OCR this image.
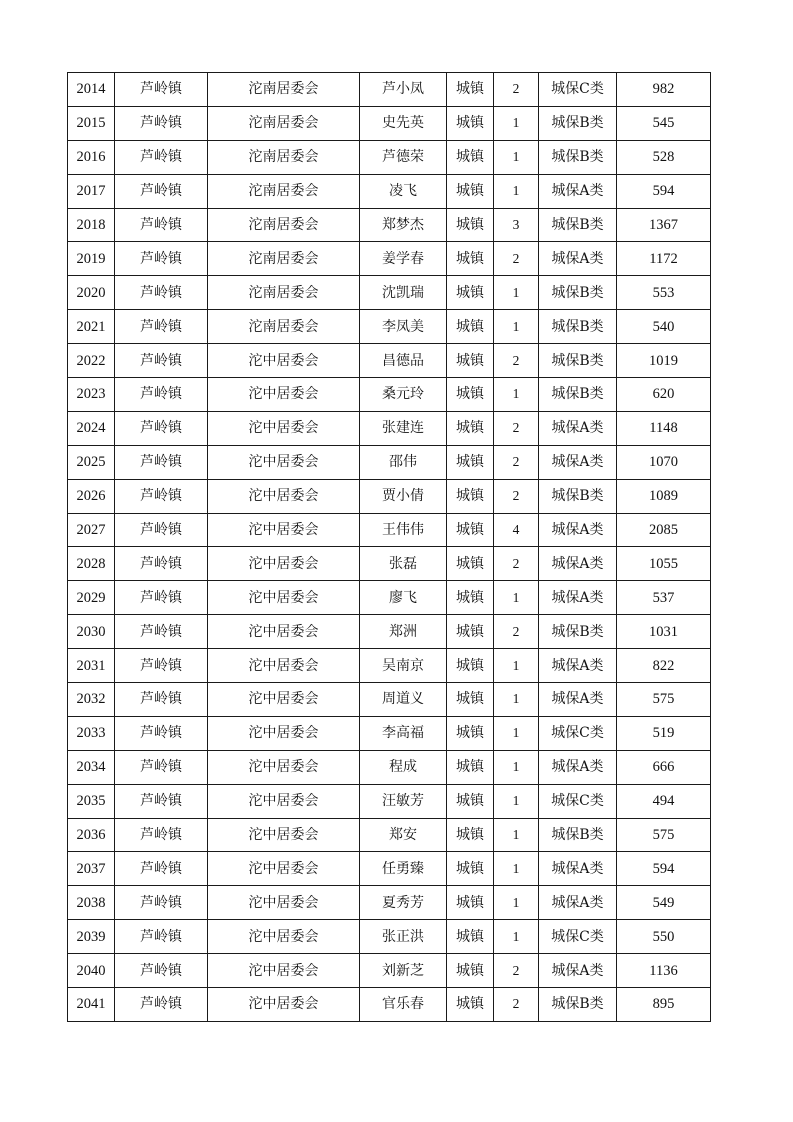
2014	芦岭镇	沱南居委会	芦小凤	城镇	2	城保C类	982
2015	芦岭镇	沱南居委会	史先英	城镇	1	城保B类	545
2016	芦岭镇	沱南居委会	芦德荣	城镇	1	城保B类	528
2017	芦岭镇	沱南居委会	凌飞	城镇	1	城保A类	594
2018	芦岭镇	沱南居委会	郑梦杰	城镇	3	城保B类	1367
2019	芦岭镇	沱南居委会	姜学春	城镇	2	城保A类	1172
2020	芦岭镇	沱南居委会	沈凯瑞	城镇	1	城保B类	553
2021	芦岭镇	沱南居委会	李凤美	城镇	1	城保B类	540
2022	芦岭镇	沱中居委会	昌德品	城镇	2	城保B类	1019
2023	芦岭镇	沱中居委会	桑元玲	城镇	1	城保B类	620
2024	芦岭镇	沱中居委会	张建连	城镇	2	城保A类	1148
2025	芦岭镇	沱中居委会	邵伟	城镇	2	城保A类	1070
2026	芦岭镇	沱中居委会	贾小倩	城镇	2	城保B类	1089
2027	芦岭镇	沱中居委会	王伟伟	城镇	4	城保A类	2085
2028	芦岭镇	沱中居委会	张磊	城镇	2	城保A类	1055
2029	芦岭镇	沱中居委会	廖飞	城镇	1	城保A类	537
2030	芦岭镇	沱中居委会	郑洲	城镇	2	城保B类	1031
2031	芦岭镇	沱中居委会	吴南京	城镇	1	城保A类	822
2032	芦岭镇	沱中居委会	周道义	城镇	1	城保A类	575
2033	芦岭镇	沱中居委会	李高福	城镇	1	城保C类	519
2034	芦岭镇	沱中居委会	程成	城镇	1	城保A类	666
2035	芦岭镇	沱中居委会	汪敏芳	城镇	1	城保C类	494
2036	芦岭镇	沱中居委会	郑安	城镇	1	城保B类	575
2037	芦岭镇	沱中居委会	任勇臻	城镇	1	城保A类	594
2038	芦岭镇	沱中居委会	夏秀芳	城镇	1	城保A类	549
2039	芦岭镇	沱中居委会	张正洪	城镇	1	城保C类	550
2040	芦岭镇	沱中居委会	刘新芝	城镇	2	城保A类	1136
2041	芦岭镇	沱中居委会	官乐春	城镇	2	城保B类	895
